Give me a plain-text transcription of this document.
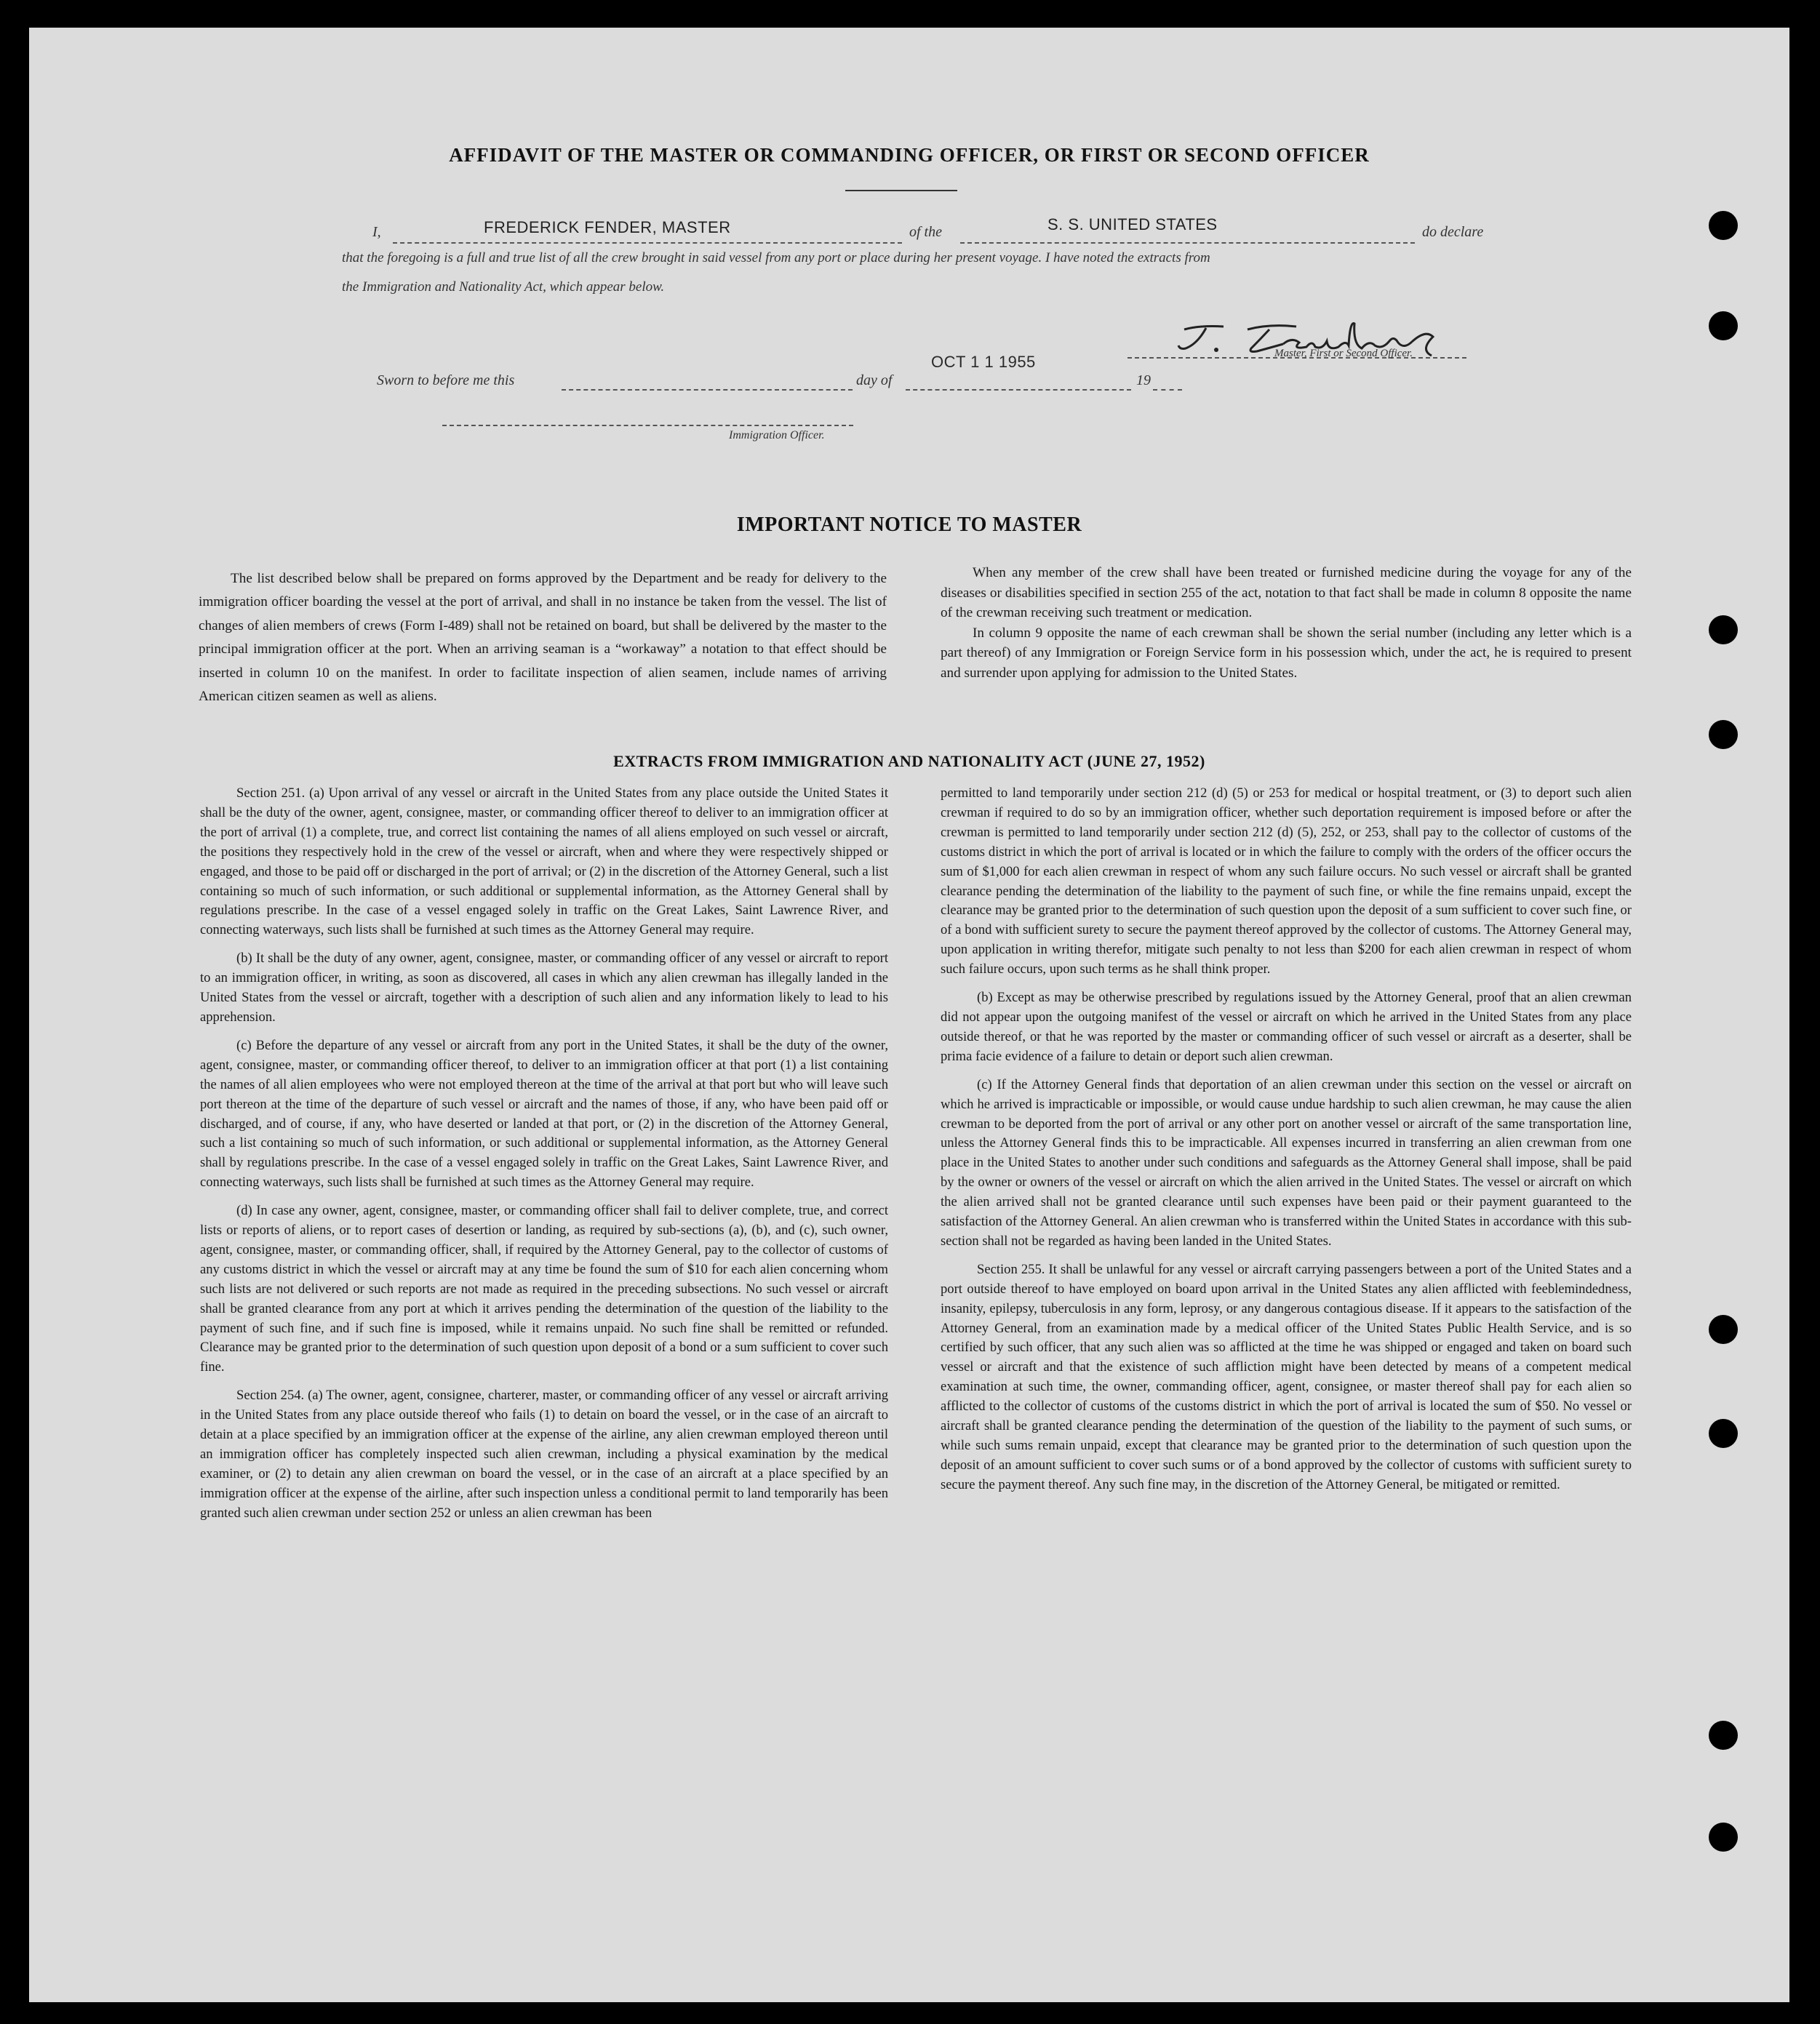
AFFIDAVIT OF THE MASTER OR COMMANDING OFFICER, OR FIRST OR SECOND OFFICER
I,	FREDERICK FENDER, MASTER	of the	S. S. UNITED STATES	do declare
that the foregoing is a full and true list of all the crew brought in said vessel from any port or place during her present voyage. I have noted the extracts from
the Immigration and Nationality Act, which appear below.
Master, First or Second Officer.
Sworn to before me this	day of
OCT 1 1 1955
19
Immigration Officer.
IMPORTANT NOTICE TO MASTER

The list described below shall be prepared on forms approved by the Department and be ready for delivery to the immigration officer boarding the vessel at the port of arrival, and shall in no instance be taken from the vessel. The list of changes of alien members of crews (Form I-489) shall not be retained on board, but shall be delivered by the master to the principal immigration officer at the port. When an arriving seaman is a “workaway” a notation to that effect should be inserted in column 10 on the manifest. In order to facilitate inspection of alien seamen, include names of arriving American citizen seamen as well as aliens.

When any member of the crew shall have been treated or furnished medicine during the voyage for any of the diseases or disabilities specified in section 255 of the act, notation to that fact shall be made in column 8 opposite the name of the crewman receiving such treatment or medication.

In column 9 opposite the name of each crewman shall be shown the serial number (including any letter which is a part thereof) of any Immigration or Foreign Service form in his possession which, under the act, he is required to present and surrender upon applying for admission to the United States.

EXTRACTS FROM IMMIGRATION AND NATIONALITY ACT (JUNE 27, 1952)

Section 251. (a) Upon arrival of any vessel or aircraft in the United States from any place outside the United States it shall be the duty of the owner, agent, consignee, master, or commanding officer thereof to deliver to an immigration officer at the port of arrival (1) a complete, true, and correct list containing the names of all aliens employed on such vessel or aircraft, the positions they respectively hold in the crew of the vessel or aircraft, when and where they were respectively shipped or engaged, and those to be paid off or discharged in the port of arrival; or (2) in the discretion of the Attorney General, such a list containing so much of such information, or such additional or supplemental information, as the Attorney General shall by regulations prescribe. In the case of a vessel engaged solely in traffic on the Great Lakes, Saint Lawrence River, and connecting waterways, such lists shall be furnished at such times as the Attorney General may require.

(b) It shall be the duty of any owner, agent, consignee, master, or commanding officer of any vessel or aircraft to report to an immigration officer, in writing, as soon as discovered, all cases in which any alien crewman has illegally landed in the United States from the vessel or aircraft, together with a description of such alien and any information likely to lead to his apprehension.

(c) Before the departure of any vessel or aircraft from any port in the United States, it shall be the duty of the owner, agent, consignee, master, or commanding officer thereof, to deliver to an immigration officer at that port (1) a list containing the names of all alien employees who were not employed thereon at the time of the arrival at that port but who will leave such port thereon at the time of the departure of such vessel or aircraft and the names of those, if any, who have been paid off or discharged, and of course, if any, who have deserted or landed at that port, or (2) in the discretion of the Attorney General, such a list containing so much of such information, or such additional or supplemental information, as the Attorney General shall by regulations prescribe. In the case of a vessel engaged solely in traffic on the Great Lakes, Saint Lawrence River, and connecting waterways, such lists shall be furnished at such times as the Attorney General may require.

(d) In case any owner, agent, consignee, master, or commanding officer shall fail to deliver complete, true, and correct lists or reports of aliens, or to report cases of desertion or landing, as required by sub-sections (a), (b), and (c), such owner, agent, consignee, master, or commanding officer, shall, if required by the Attorney General, pay to the collector of customs of any customs district in which the vessel or aircraft may at any time be found the sum of $10 for each alien concerning whom such lists are not delivered or such reports are not made as required in the preceding subsections. No such vessel or aircraft shall be granted clearance from any port at which it arrives pending the determination of the question of the liability to the payment of such fine, and if such fine is imposed, while it remains unpaid. No such fine shall be remitted or refunded. Clearance may be granted prior to the determination of such question upon deposit of a bond or a sum sufficient to cover such fine.

Section 254. (a) The owner, agent, consignee, charterer, master, or commanding officer of any vessel or aircraft arriving in the United States from any place outside thereof who fails (1) to detain on board the vessel, or in the case of an aircraft to detain at a place specified by an immigration officer at the expense of the airline, any alien crewman employed thereon until an immigration officer has completely inspected such alien crewman, including a physical examination by the medical examiner, or (2) to detain any alien crewman on board the vessel, or in the case of an aircraft at a place specified by an immigration officer at the expense of the airline, after such inspection unless a conditional permit to land temporarily has been granted such alien crewman under section 252 or unless an alien crewman has been

permitted to land temporarily under section 212 (d) (5) or 253 for medical or hospital treatment, or (3) to deport such alien crewman if required to do so by an immigration officer, whether such deportation requirement is imposed before or after the crewman is permitted to land temporarily under section 212 (d) (5), 252, or 253, shall pay to the collector of customs of the customs district in which the port of arrival is located or in which the failure to comply with the orders of the officer occurs the sum of $1,000 for each alien crewman in respect of whom any such failure occurs. No such vessel or aircraft shall be granted clearance pending the determination of the liability to the payment of such fine, or while the fine remains unpaid, except the clearance may be granted prior to the determination of such question upon the deposit of a sum sufficient to cover such fine, or of a bond with sufficient surety to secure the payment thereof approved by the collector of customs. The Attorney General may, upon application in writing therefor, mitigate such penalty to not less than $200 for each alien crewman in respect of whom such failure occurs, upon such terms as he shall think proper.

(b) Except as may be otherwise prescribed by regulations issued by the Attorney General, proof that an alien crewman did not appear upon the outgoing manifest of the vessel or aircraft on which he arrived in the United States from any place outside thereof, or that he was reported by the master or commanding officer of such vessel or aircraft as a deserter, shall be prima facie evidence of a failure to detain or deport such alien crewman.

(c) If the Attorney General finds that deportation of an alien crewman under this section on the vessel or aircraft on which he arrived is impracticable or impossible, or would cause undue hardship to such alien crewman, he may cause the alien crewman to be deported from the port of arrival or any other port on another vessel or aircraft of the same transportation line, unless the Attorney General finds this to be impracticable. All expenses incurred in transferring an alien crewman from one place in the United States to another under such conditions and safeguards as the Attorney General shall impose, shall be paid by the owner or owners of the vessel or aircraft on which the alien arrived in the United States. The vessel or aircraft on which the alien arrived shall not be granted clearance until such expenses have been paid or their payment guaranteed to the satisfaction of the Attorney General. An alien crewman who is transferred within the United States in accordance with this sub-section shall not be regarded as having been landed in the United States.

Section 255. It shall be unlawful for any vessel or aircraft carrying passengers between a port of the United States and a port outside thereof to have employed on board upon arrival in the United States any alien afflicted with feeblemindedness, insanity, epilepsy, tuberculosis in any form, leprosy, or any dangerous contagious disease. If it appears to the satisfaction of the Attorney General, from an examination made by a medical officer of the United States Public Health Service, and is so certified by such officer, that any such alien was so afflicted at the time he was shipped or engaged and taken on board such vessel or aircraft and that the existence of such affliction might have been detected by means of a competent medical examination at such time, the owner, commanding officer, agent, consignee, or master thereof shall pay for each alien so afflicted to the collector of customs of the customs district in which the port of arrival is located the sum of $50. No vessel or aircraft shall be granted clearance pending the determination of the question of the liability to the payment of such sums, or while such sums remain unpaid, except that clearance may be granted prior to the determination of such question upon the deposit of an amount sufficient to cover such sums or of a bond approved by the collector of customs with sufficient surety to secure the payment thereof. Any such fine may, in the discretion of the Attorney General, be mitigated or remitted.
